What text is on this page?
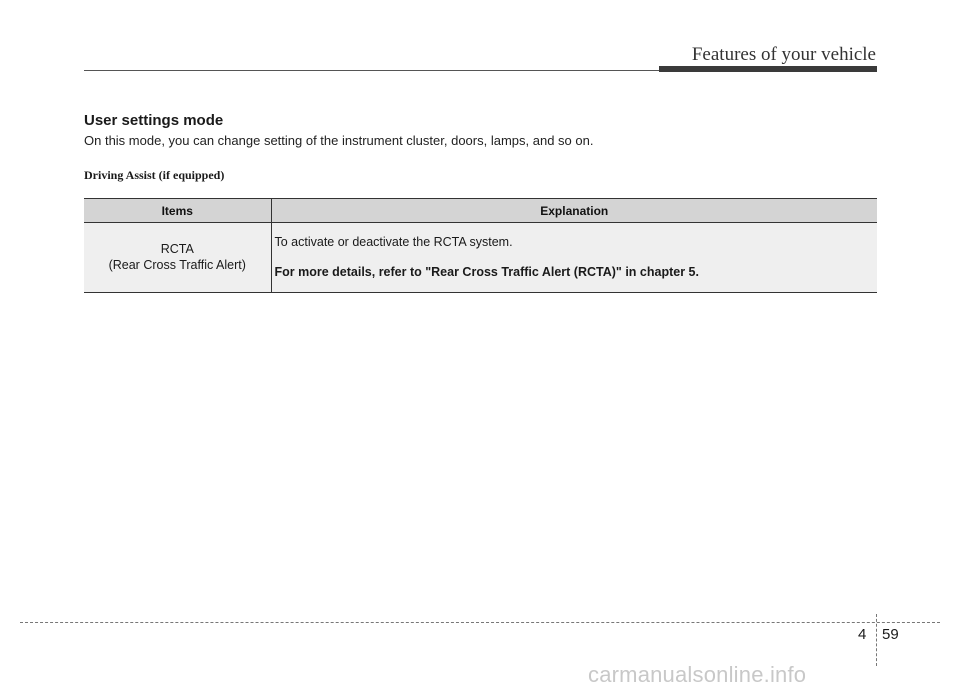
Features of your vehicle
User settings mode
On this mode, you can change setting of the instrument cluster, doors, lamps, and so on.
Driving Assist (if equipped)
Items	Explanation
RCTA
(Rear Cross Traffic Alert)	To activate or deactivate the RCTA system.
For more details, refer to "Rear Cross Traffic Alert (RCTA)" in chapter 5.
4 59
carmanualsonline.info
